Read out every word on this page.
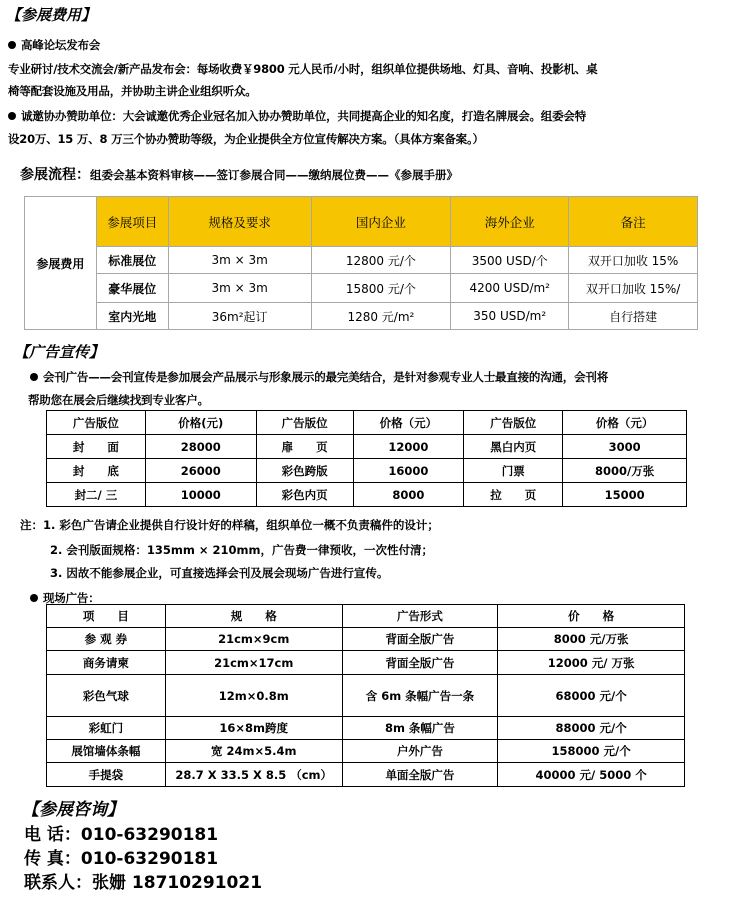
【参展费用】
高峰论坛发布会
专业研讨/技术交流会/新产品发布会：每场收费￥9800 元人民币/小时，组织单位提供场地、灯具、音响、投影机、桌
椅等配套设施及用品，并协助主讲企业组织听众。
诚邀协办赞助单位：大会诚邀优秀企业冠名加入协办赞助单位，共同提高企业的知名度，打造名牌展会。组委会特
设20万、15 万、8 万三个协办赞助等级，为企业提供全方位宣传解决方案。（具体方案备案。）
参展流程：组委会基本资料审核——签订参展合同——缴纳展位费——《参展手册》
参展费用	参展项目	规格及要求	国内企业	海外企业	备注
	标准展位	3m × 3m	12800 元/个	3500 USD/个	双开口加收 15%
	豪华展位	3m × 3m	15800 元/个	4200 USD/m²	双开口加收 15%/
	室内光地	36m²起订	1280 元/m²	350 USD/m²	自行搭建
【广告宣传】
会刊广告——会刊宣传是参加展会产品展示与形象展示的最完美结合，是针对参观专业人士最直接的沟通，会刊将
帮助您在展会后继续找到专业客户。
广告版位	价格(元)	广告版位	价格（元）	广告版位	价格（元）
封　　面	28000	扉　　页	12000	黑白内页	3000
封　　底	26000	彩色跨版	16000	门票	8000/万张
封二/ 三	10000	彩色内页	8000	拉　　页	15000
注：1. 彩色广告请企业提供自行设计好的样稿，组织单位一概不负责稿件的设计；
2. 会刊版面规格：135mm × 210mm，广告费一律预收，一次性付清；
3. 因故不能参展企业，可直接选择会刊及展会现场广告进行宣传。
现场广告：
项　　目	规　　格	广告形式	价　　格
参 观 券	21cm×9cm	背面全版广告	8000 元/万张
商务请柬	21cm×17cm	背面全版广告	12000 元/ 万张
彩色气球	12m×0.8m	含 6m 条幅广告一条	68000 元/个
彩虹门	16×8m跨度	8m 条幅广告	88000 元/个
展馆墙体条幅	宽 24m×5.4m	户外广告	158000 元/个
手提袋	28.7 X 33.5 X 8.5 （cm）	单面全版广告	40000 元/ 5000 个
【参展咨询】
电 话：010-63290181
传 真：010-63290181
联系人：张姗 18710291021
